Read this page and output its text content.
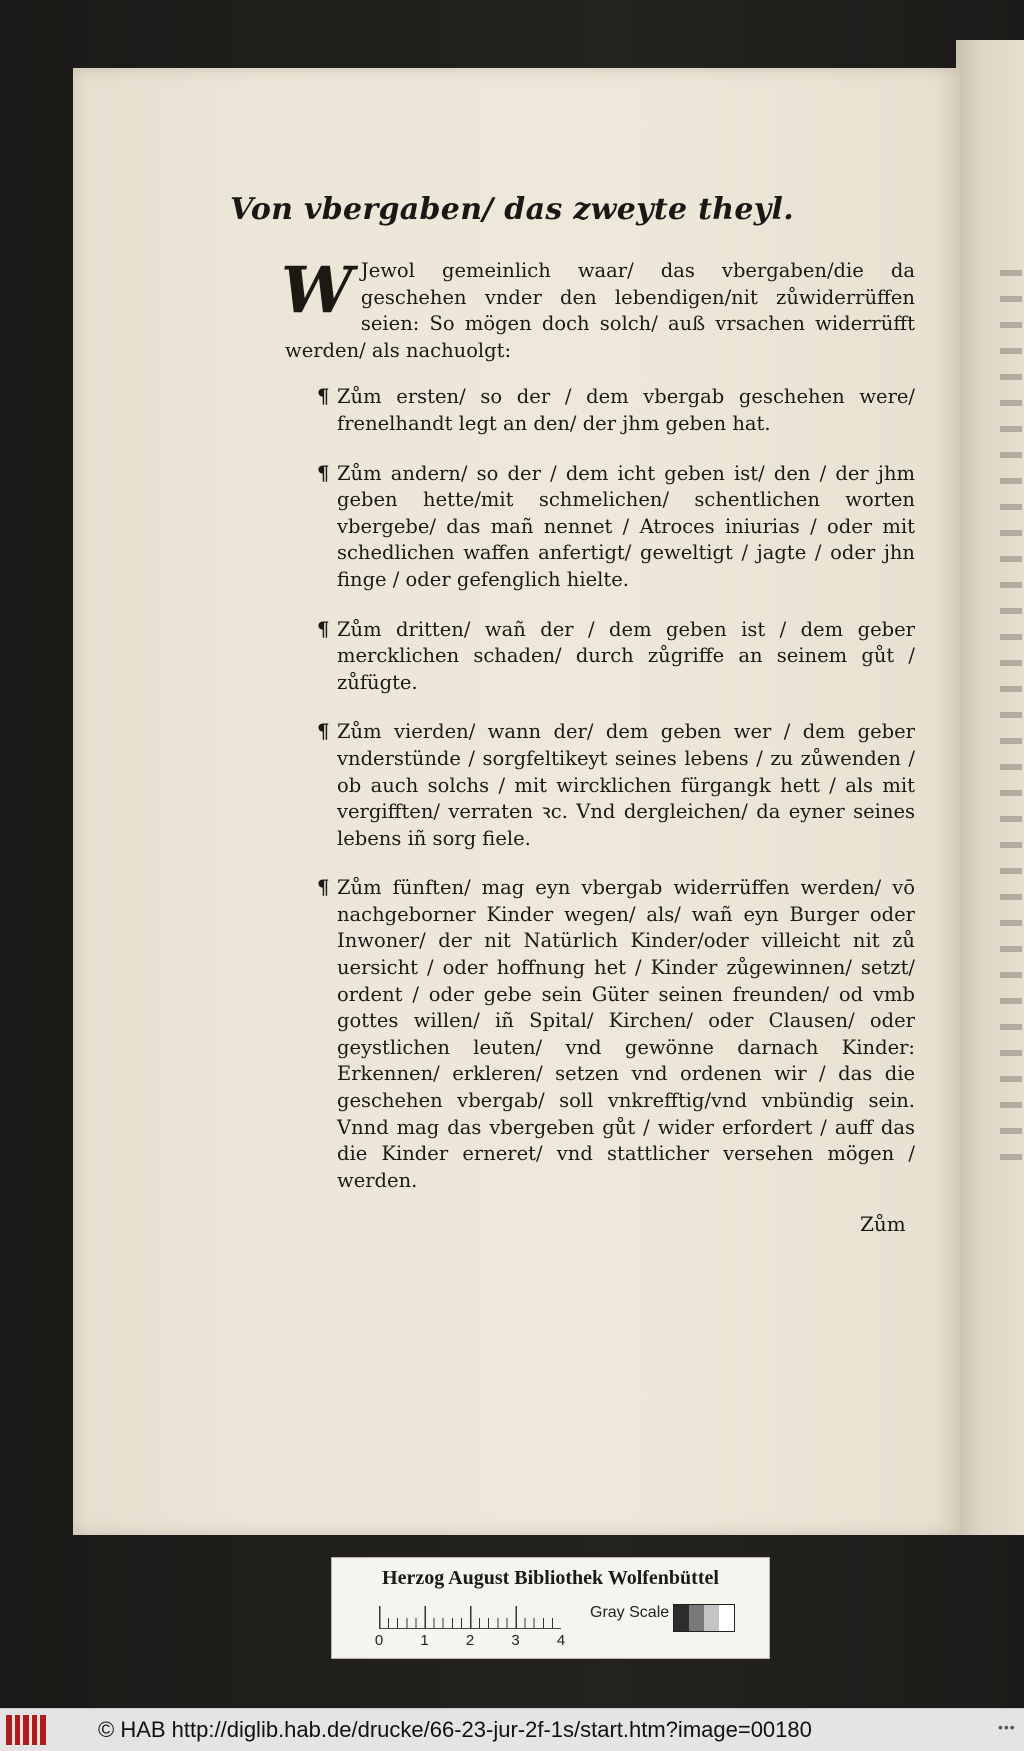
Von vbergaben/ das zweyte theyl.

W Jewol gemeinlich waar/ das vbergaben/die da geschehen vnder den lebendigen/nit zůwiderrüffen seien: So mögen doch solch/ auß vrsachen widerrüfft werden/ als nachuolgt:

¶ Zům ersten/ so der / dem vbergab geschehen were/ frenelhandt legt an den/ der jhm geben hat.

¶ Zům andern/ so der / dem icht geben ist/ den / der jhm geben hette/mit schmelichen/ schentlichen worten vbergebe/ das mañ nennet / Atroces iniurias / oder mit schedlichen waffen anfertigt/ geweltigt / jagte / oder jhn finge / oder gefenglich hielte.

¶ Zům dritten/ wañ der / dem geben ist / dem geber mercklichen schaden/ durch zůgriffe an seinem gůt / zůfügte.

¶ Zům vierden/ wann der/ dem geben wer / dem geber vnderstünde / sorgfeltikeyt seines lebens / zu zůwenden / ob auch solchs / mit wircklichen fürgangk hett / als mit vergifften/ verraten ꝛc. Vnd dergleichen/ da eyner seines lebens iñ sorg fiele.

¶ Zům fünften/ mag eyn vbergab widerrüffen werden/ vō nachgeborner Kinder wegen/ als/ wañ eyn Burger oder Inwoner/ der nit Natürlich Kinder/oder villeicht nit zů uersicht / oder hoffnung het / Kinder zůgewinnen/ setzt/ ordent / oder gebe sein Güter seinen freunden/ od vmb gottes willen/ iñ Spital/ Kirchen/ oder Clausen/ oder geystlichen leuten/ vnd gewönne darnach Kinder: Erkennen/ erkleren/ setzen vnd ordenen wir / das die geschehen vbergab/ soll vnkrefftig/vnd vnbündig sein. Vnnd mag das vbergeben gůt / wider erfordert / auff das die Kinder erneret/ vnd stattlicher versehen mögen / werden.

Zům
Herzog August Bibliothek Wolfenbüttel
0	1	2	3	4
Gray Scale
© HAB http://diglib.hab.de/drucke/66-23-jur-2f-1s/start.htm?image=00180	•••
